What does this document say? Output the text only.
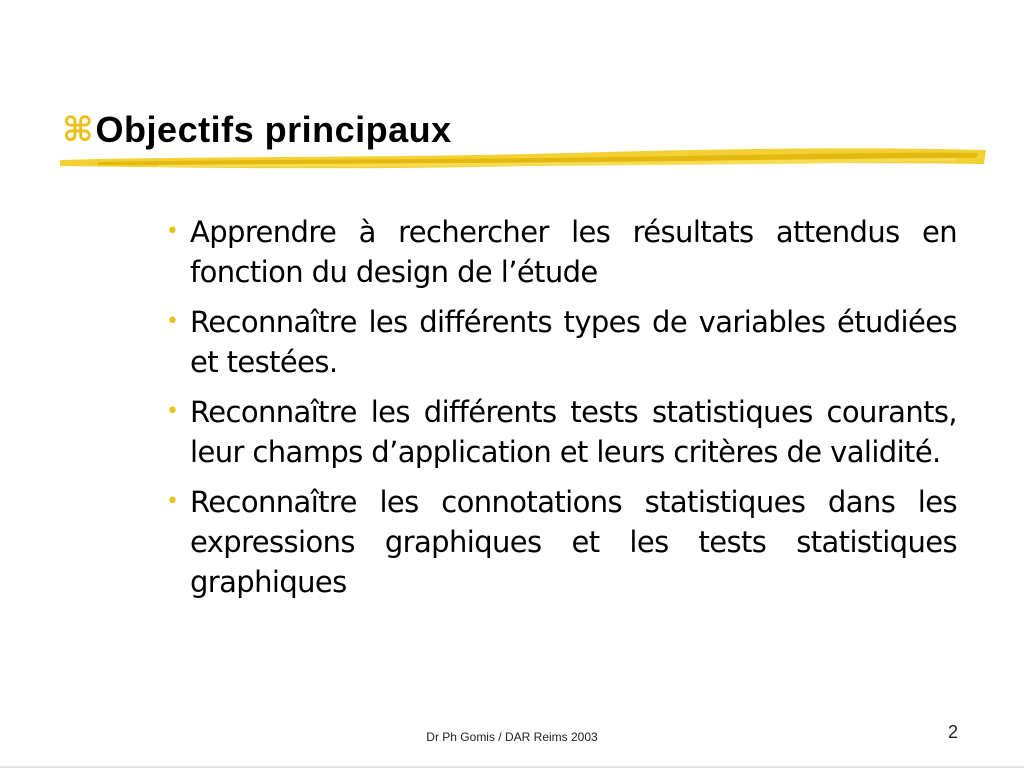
⌘ Objectifs principaux
• Apprendre à rechercher les résultats attendus en fonction du design de l’étude
• Reconnaître les différents types de variables étudiées et testées.
• Reconnaître les différents tests statistiques courants, leur champs d’application et leurs critères de validité.
• Reconnaître les connotations statistiques dans les expressions graphiques et les tests statistiques graphiques
Dr Ph Gomis / DAR Reims 2003	2
